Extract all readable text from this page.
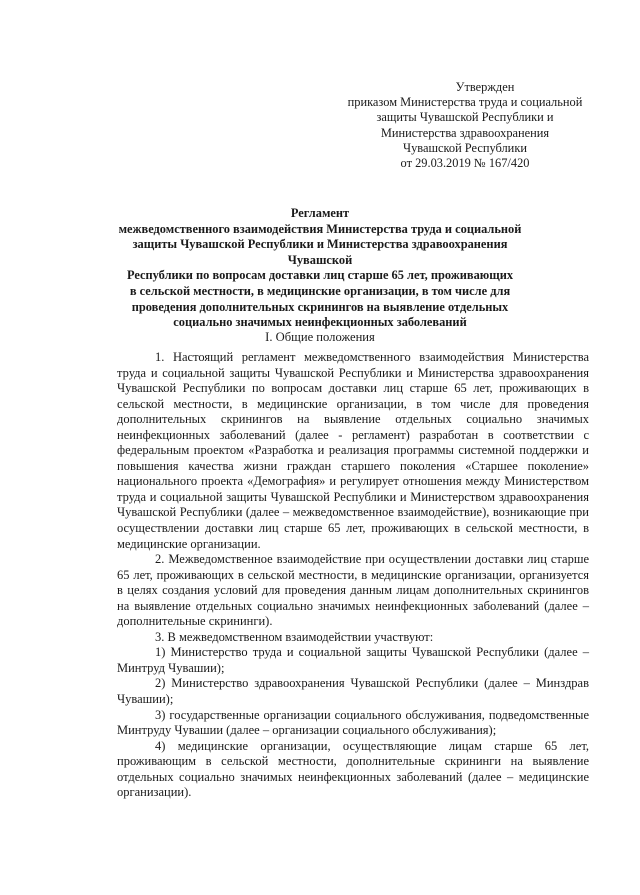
Утвержден
приказом Министерства труда и социальной
защиты Чувашской Республики и
Министерства здравоохранения
Чувашской Республики
от 29.03.2019 № 167/420
Регламент
межведомственного взаимодействия Министерства труда и социальной
защиты Чувашской Республики и Министерства здравоохранения Чувашской
Республики по вопросам доставки лиц старше 65 лет, проживающих
в сельской местности, в медицинские организации, в том числе для
проведения дополнительных скринингов на выявление отдельных
социально значимых неинфекционных заболеваний
I. Общие положения

1. Настоящий регламент межведомственного взаимодействия Министерства труда и социальной защиты Чувашской Республики и Министерства здравоохранения Чувашской Республики по вопросам доставки лиц старше 65 лет, проживающих в сельской местности, в медицинские организации, в том числе для проведения дополнительных скринингов на выявление отдельных социально значимых неинфекционных заболеваний (далее - регламент) разработан в соответствии с федеральным проектом «Разработка и реализация программы системной поддержки и повышения качества жизни граждан старшего поколения «Старшее поколение» национального проекта «Демография» и регулирует отношения между Министерством труда и социальной защиты Чувашской Республики и Министерством здравоохранения Чувашской Республики (далее – межведомственное взаимодействие), возникающие при осуществлении доставки лиц старше 65 лет, проживающих в сельской местности, в медицинские организации.

2. Межведомственное взаимодействие при осуществлении доставки лиц старше 65 лет, проживающих в сельской местности, в медицинские организации, организуется в целях создания условий для проведения данным лицам дополнительных скринингов на выявление отдельных социально значимых неинфекционных заболеваний (далее – дополнительные скрининги).

3. В межведомственном взаимодействии участвуют:

1) Министерство труда и социальной защиты Чувашской Республики (далее – Минтруд Чувашии);

2) Министерство здравоохранения Чувашской Республики (далее – Минздрав Чувашии);

3) государственные организации социального обслуживания, подведомственные Минтруду Чувашии (далее – организации социального обслуживания);

4) медицинские организации, осуществляющие лицам старше 65 лет, проживающим в сельской местности, дополнительные скрининги на выявление отдельных социально значимых неинфекционных заболеваний (далее – медицинские организации).
